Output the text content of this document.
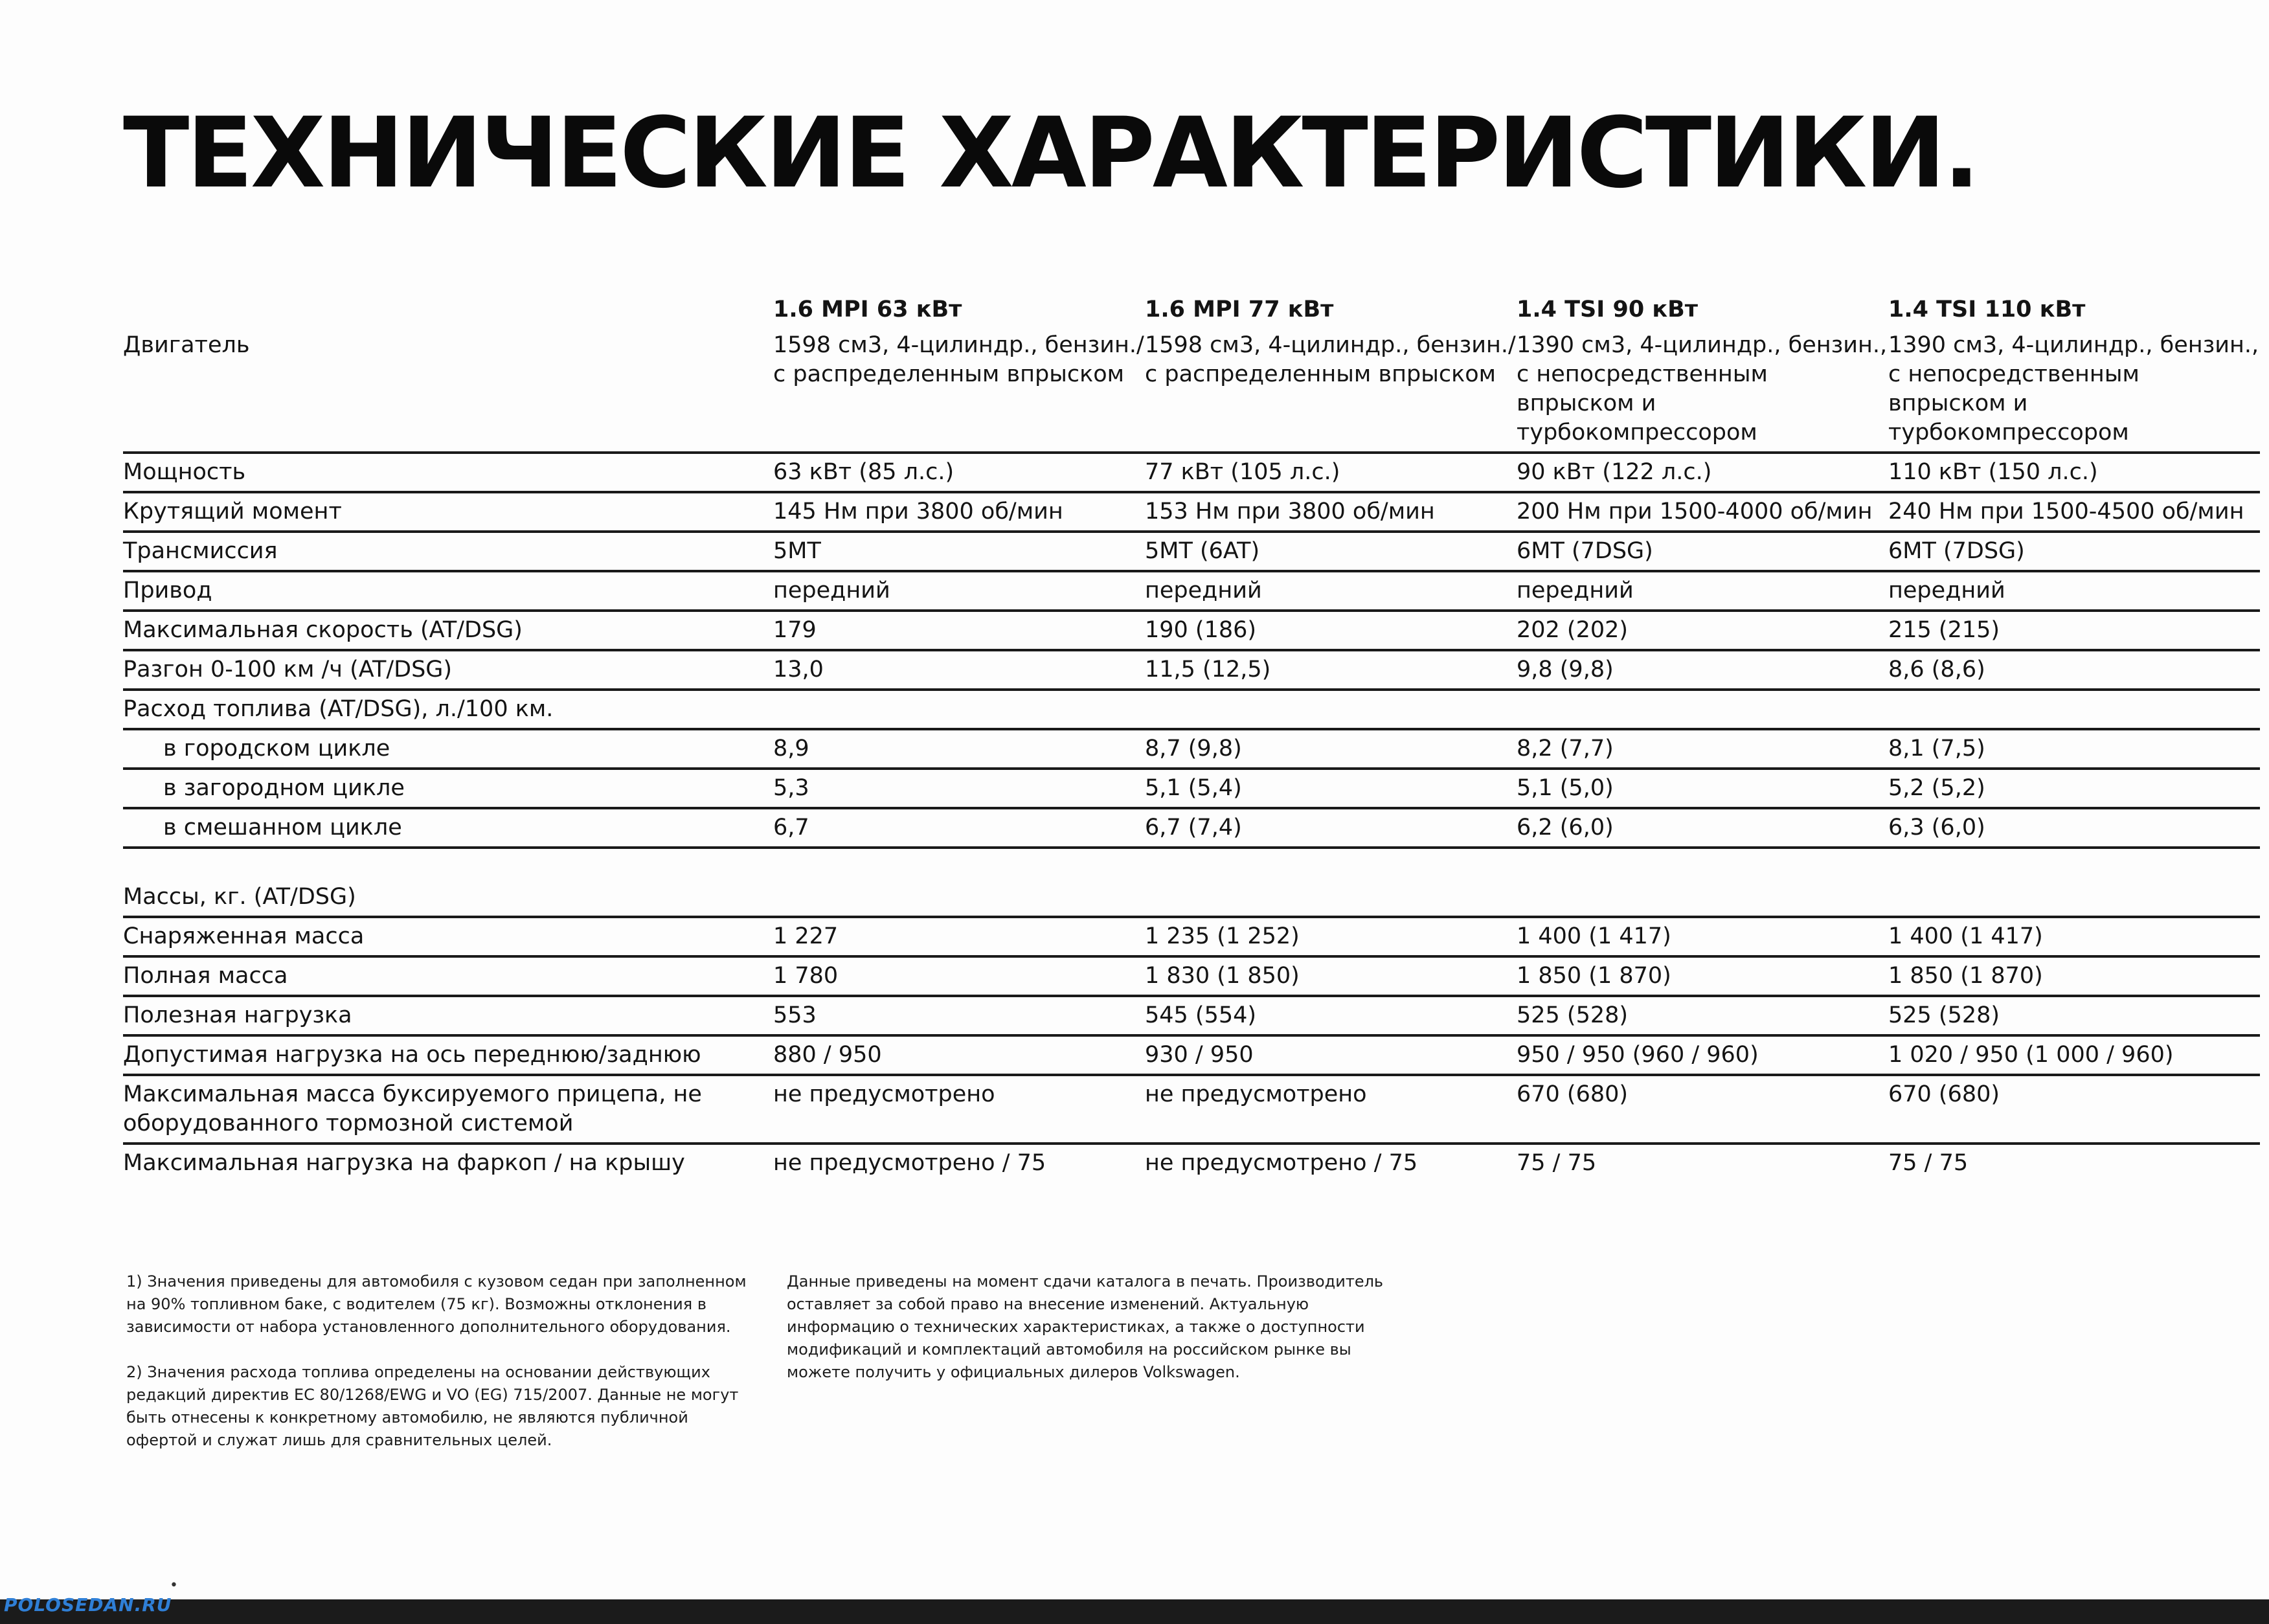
ТЕХНИЧЕСКИЕ ХАРАКТЕРИСТИКИ.
	1.6 MPI 63 кВт	1.6 MPI 77 кВт	1.4 TSI 90 кВт	1.4 TSI 110 кВт
Двигатель	1598 см3, 4-цилиндр., бензин./ с распределенным впрыском	1598 см3, 4-цилиндр., бензин./ с распределенным впрыском	1390 см3, 4-цилиндр., бензин., с непосредственным впрыском и турбокомпрессором	1390 см3, 4-цилиндр., бензин., с непосредственным впрыском и турбокомпрессором
Мощность	63 кВт (85 л.с.)	77 кВт (105 л.с.)	90 кВт (122 л.с.)	110 кВт (150 л.с.)
Крутящий момент	145 Нм при 3800 об/мин	153 Нм при 3800 об/мин	200 Нм при 1500-4000 об/мин	240 Нм при 1500-4500 об/мин
Трансмиссия	5MT	5MT (6AT)	6MT (7DSG)	6MT (7DSG)
Привод	передний	передний	передний	передний
Максимальная скорость (AT/DSG)	179	190 (186)	202 (202)	215 (215)
Разгон 0-100 км /ч (AT/DSG)	13,0	11,5 (12,5)	9,8 (9,8)	8,6 (8,6)
Расход топлива (AT/DSG), л./100 км.				
в городском цикле	8,9	8,7 (9,8)	8,2 (7,7)	8,1 (7,5)
в загородном цикле	5,3	5,1 (5,4)	5,1 (5,0)	5,2 (5,2)
в смешанном цикле	6,7	6,7 (7,4)	6,2 (6,0)	6,3 (6,0)
Массы, кг. (AT/DSG)				
Снаряженная масса	1 227	1 235 (1 252)	1 400 (1 417)	1 400 (1 417)
Полная масса	1 780	1 830 (1 850)	1 850 (1 870)	1 850 (1 870)
Полезная нагрузка	553	545 (554)	525 (528)	525 (528)
Допустимая нагрузка на ось переднюю/заднюю	880 / 950	930 / 950	950 / 950 (960 / 960)	1 020 / 950 (1 000 / 960)
Максимальная масса буксируемого прицепа, не оборудованного тормозной системой	не предусмотрено	не предусмотрено	670 (680)	670 (680)
Максимальная нагрузка на фаркоп / на крышу	не предусмотрено / 75	не предусмотрено / 75	75 / 75	75 / 75

1) Значения приведены для автомобиля с кузовом седан при заполненном на 90% топливном баке, с водителем (75 кг). Возможны отклонения в зависимости от набора установленного дополнительного оборудования.

2) Значения расхода топлива определены на основании действующих редакций директив ЕС 80/1268/EWG и VO (EG) 715/2007. Данные не могут быть отнесены к конкретному автомобилю, не являются публичной офертой и служат лишь для сравнительных целей.

Данные приведены на момент сдачи каталога в печать. Производитель оставляет за собой право на внесение изменений. Актуальную информацию о технических характеристиках, а также о доступности модификаций и комплектаций автомобиля на российском рынке вы можете получить у официальных дилеров Volkswagen.

•
POLOSEDAN.RU
